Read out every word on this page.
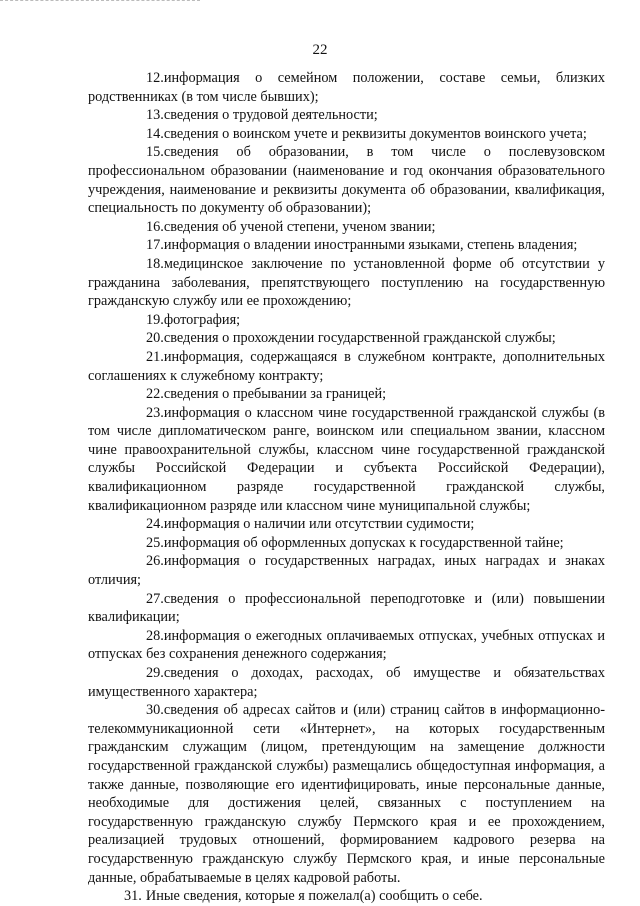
22

12.информация о семейном положении, составе семьи, близких родственниках (в том числе бывших);

13.сведения о трудовой деятельности;

14.сведения о воинском учете и реквизиты документов воинского учета;

15.сведения об образовании, в том числе о послевузовском профессиональном образовании (наименование и год окончания образовательного учреждения, наименование и реквизиты документа об образовании, квалификация, специальность по документу об образовании);

16.сведения об ученой степени, ученом звании;

17.информация о владении иностранными языками, степень владения;

18.медицинское заключение по установленной форме об отсутствии у гражданина заболевания, препятствующего поступлению на государственную гражданскую службу или ее прохождению;

19.фотография;

20.сведения о прохождении государственной гражданской службы;

21.информация, содержащаяся в служебном контракте, дополнительных соглашениях к служебному контракту;

22.сведения о пребывании за границей;

23.информация о классном чине государственной гражданской службы (в том числе дипломатическом ранге, воинском или специальном звании, классном чине правоохранительной службы, классном чине государственной гражданской службы Российской Федерации и субъекта Российской Федерации), квалификационном разряде государственной гражданской службы, квалификационном разряде или классном чине муниципальной службы;

24.информация о наличии или отсутствии судимости;

25.информация об оформленных допусках к государственной тайне;

26.информация о государственных наградах, иных наградах и знаках отличия;

27.сведения о профессиональной переподготовке и (или) повышении квалификации;

28.информация о ежегодных оплачиваемых отпусках, учебных отпусках и отпусках без сохранения денежного содержания;

29.сведения о доходах, расходах, об имуществе и обязательствах имущественного характера;

30.сведения об адресах сайтов и (или) страниц сайтов в информационно-телекоммуникационной сети «Интернет», на которых государственным гражданским служащим (лицом, претендующим на замещение должности государственной гражданской службы) размещались общедоступная информация, а также данные, позволяющие его идентифицировать, иные персональные данные, необходимые для достижения целей, связанных с поступлением на государственную гражданскую службу Пермского края и ее прохождением, реализацией трудовых отношений, формированием кадрового резерва на государственную гражданскую службу Пермского края, и иные персональные данные, обрабатываемые в целях кадровой работы.

31. Иные сведения, которые я пожелал(а) сообщить о себе.
